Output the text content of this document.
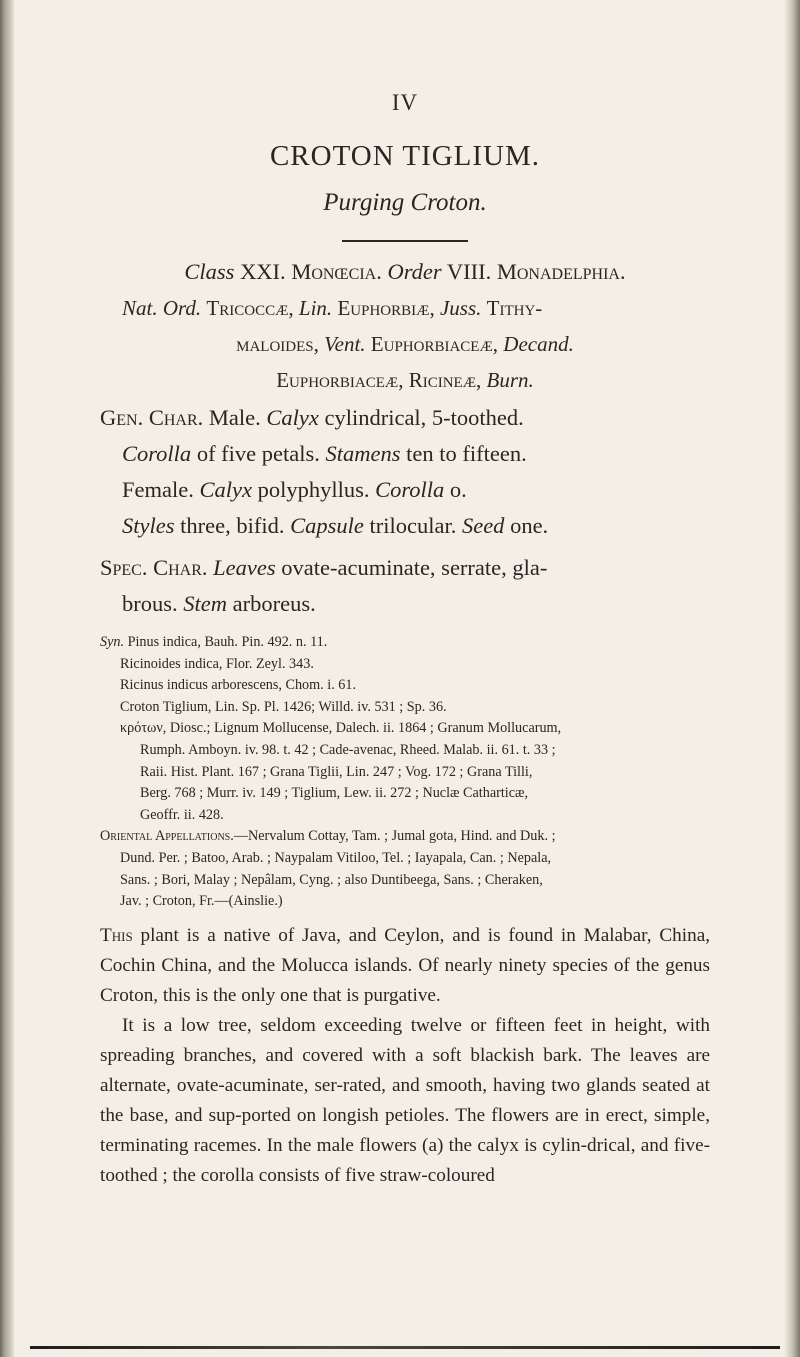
IV
CROTON TIGLIUM.
Purging Croton.
Class XXI. Monœcia. Order VIII. Monadelphia.
Nat. Ord. Tricoccæ, Lin. Euphorbiæ, Juss. Tithy-
maloides, Vent. Euphorbiaceæ, Decand.
Euphorbiaceæ, Ricineæ, Burn.
Gen. Char. Male. Calyx cylindrical, 5-toothed.
Corolla of five petals. Stamens ten to fifteen.
Female. Calyx polyphyllus. Corolla o.
Styles three, bifid. Capsule trilocular. Seed one.
Spec. Char. Leaves ovate-acuminate, serrate, gla-
brous. Stem arboreus.
Syn. Pinus indica, Bauh. Pin. 492. n. 11.
Ricinoides indica, Flor. Zeyl. 343.
Ricinus indicus arborescens, Chom. i. 61.
Croton Tiglium, Lin. Sp. Pl. 1426; Willd. iv. 531 ; Sp. 36.
κρότων, Diosc.; Lignum Mollucense, Dalech. ii. 1864 ; Granum Mollucarum,
Rumph. Amboyn. iv. 98. t. 42 ; Cade-avenac, Rheed. Malab. ii. 61. t. 33 ;
Raii. Hist. Plant. 167 ; Grana Tiglii, Lin. 247 ; Vog. 172 ; Grana Tilli,
Berg. 768 ; Murr. iv. 149 ; Tiglium, Lew. ii. 272 ; Nuclæ Catharticæ,
Geoffr. ii. 428.
Oriental Appellations.—Nervalum Cottay, Tam. ; Jumal gota, Hind. and Duk. ;
Dund. Per. ; Batoo, Arab. ; Naypalam Vitiloo, Tel. ; Iayapala, Can. ; Nepala,
Sans. ; Bori, Malay ; Nepâlam, Cyng. ; also Duntibeega, Sans. ; Cheraken,
Jav. ; Croton, Fr.—(Ainslie.)

This plant is a native of Java, and Ceylon, and is found in Malabar, China, Cochin China, and the Molucca islands. Of nearly ninety species of the genus Croton, this is the only one that is purgative.

It is a low tree, seldom exceeding twelve or fifteen feet in height, with spreading branches, and covered with a soft blackish bark. The leaves are alternate, ovate-acuminate, ser-rated, and smooth, having two glands seated at the base, and sup-ported on longish petioles. The flowers are in erect, simple, terminating racemes. In the male flowers (a) the calyx is cylin-drical, and five-toothed ; the corolla consists of five straw-coloured
